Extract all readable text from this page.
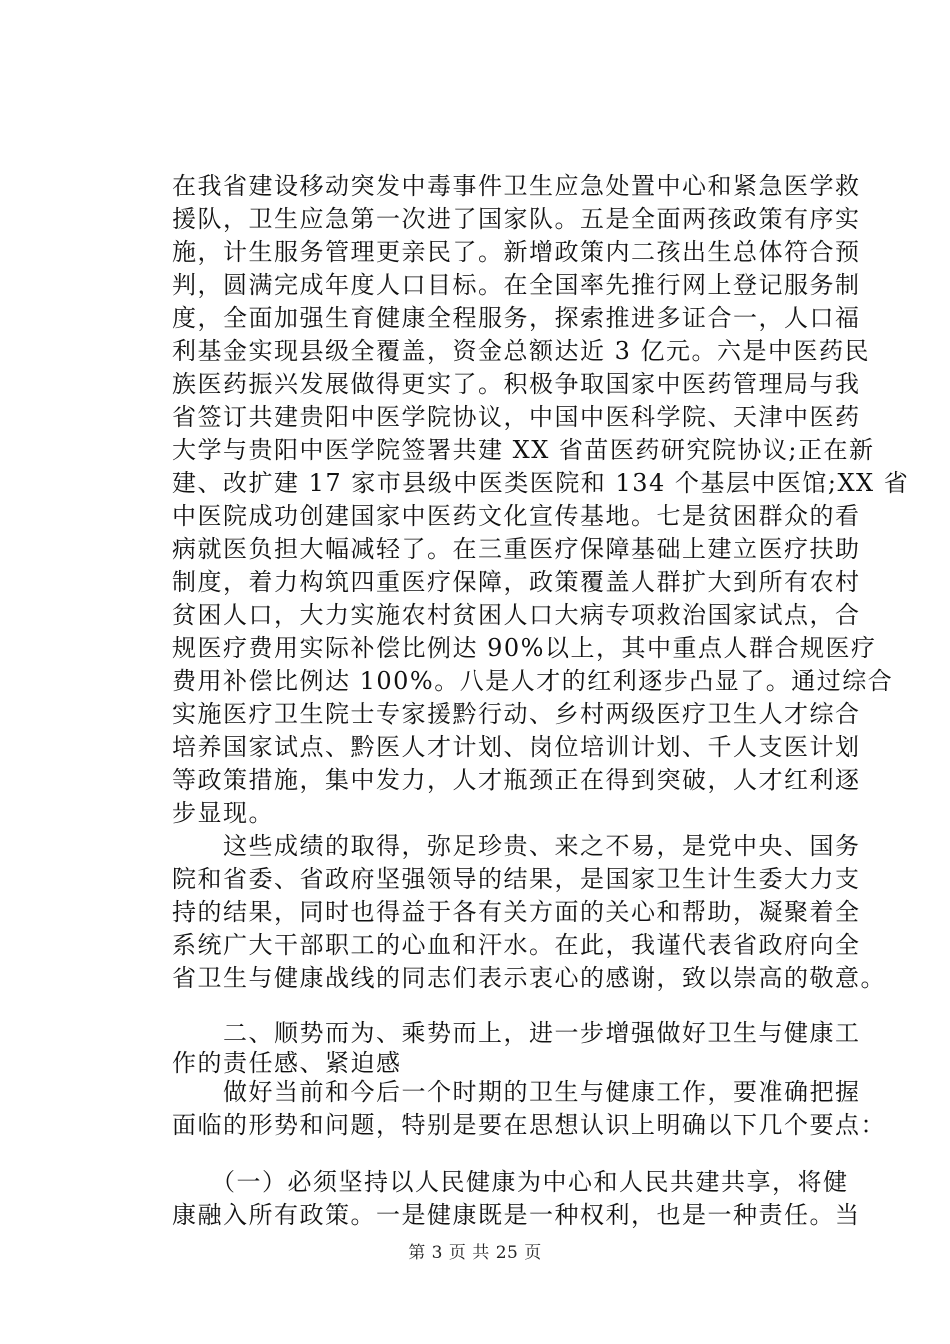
在我省建设移动突发中毒事件卫生应急处置中心和紧急医学救
援队，卫生应急第一次进了国家队。五是全面两孩政策有序实
施，计生服务管理更亲民了。新增政策内二孩出生总体符合预
判，圆满完成年度人口目标。在全国率先推行网上登记服务制
度，全面加强生育健康全程服务，探索推进多证合一，人口福
利基金实现县级全覆盖，资金总额达近 3 亿元。六是中医药民
族医药振兴发展做得更实了。积极争取国家中医药管理局与我
省签订共建贵阳中医学院协议，中国中医科学院、天津中医药
大学与贵阳中医学院签署共建 XX 省苗医药研究院协议;正在新
建、改扩建 17 家市县级中医类医院和 134 个基层中医馆;XX 省
中医院成功创建国家中医药文化宣传基地。七是贫困群众的看
病就医负担大幅减轻了。在三重医疗保障基础上建立医疗扶助
制度，着力构筑四重医疗保障，政策覆盖人群扩大到所有农村
贫困人口，大力实施农村贫困人口大病专项救治国家试点，合
规医疗费用实际补偿比例达 90%以上，其中重点人群合规医疗
费用补偿比例达 100%。八是人才的红利逐步凸显了。通过综合
实施医疗卫生院士专家援黔行动、乡村两级医疗卫生人才综合
培养国家试点、黔医人才计划、岗位培训计划、千人支医计划
等政策措施，集中发力，人才瓶颈正在得到突破，人才红利逐
步显现。
　　这些成绩的取得，弥足珍贵、来之不易，是党中央、国务
院和省委、省政府坚强领导的结果，是国家卫生计生委大力支
持的结果，同时也得益于各有关方面的关心和帮助，凝聚着全
系统广大干部职工的心血和汗水。在此，我谨代表省政府向全
省卫生与健康战线的同志们表示衷心的感谢，致以崇高的敬意。
　　二、顺势而为、乘势而上，进一步增强做好卫生与健康工
作的责任感、紧迫感
　　做好当前和今后一个时期的卫生与健康工作，要准确把握
面临的形势和问题，特别是要在思想认识上明确以下几个要点：
　　（一）必须坚持以人民健康为中心和人民共建共享，将健
康融入所有政策。一是健康既是一种权利，也是一种责任。当
第 3 页 共 25 页
